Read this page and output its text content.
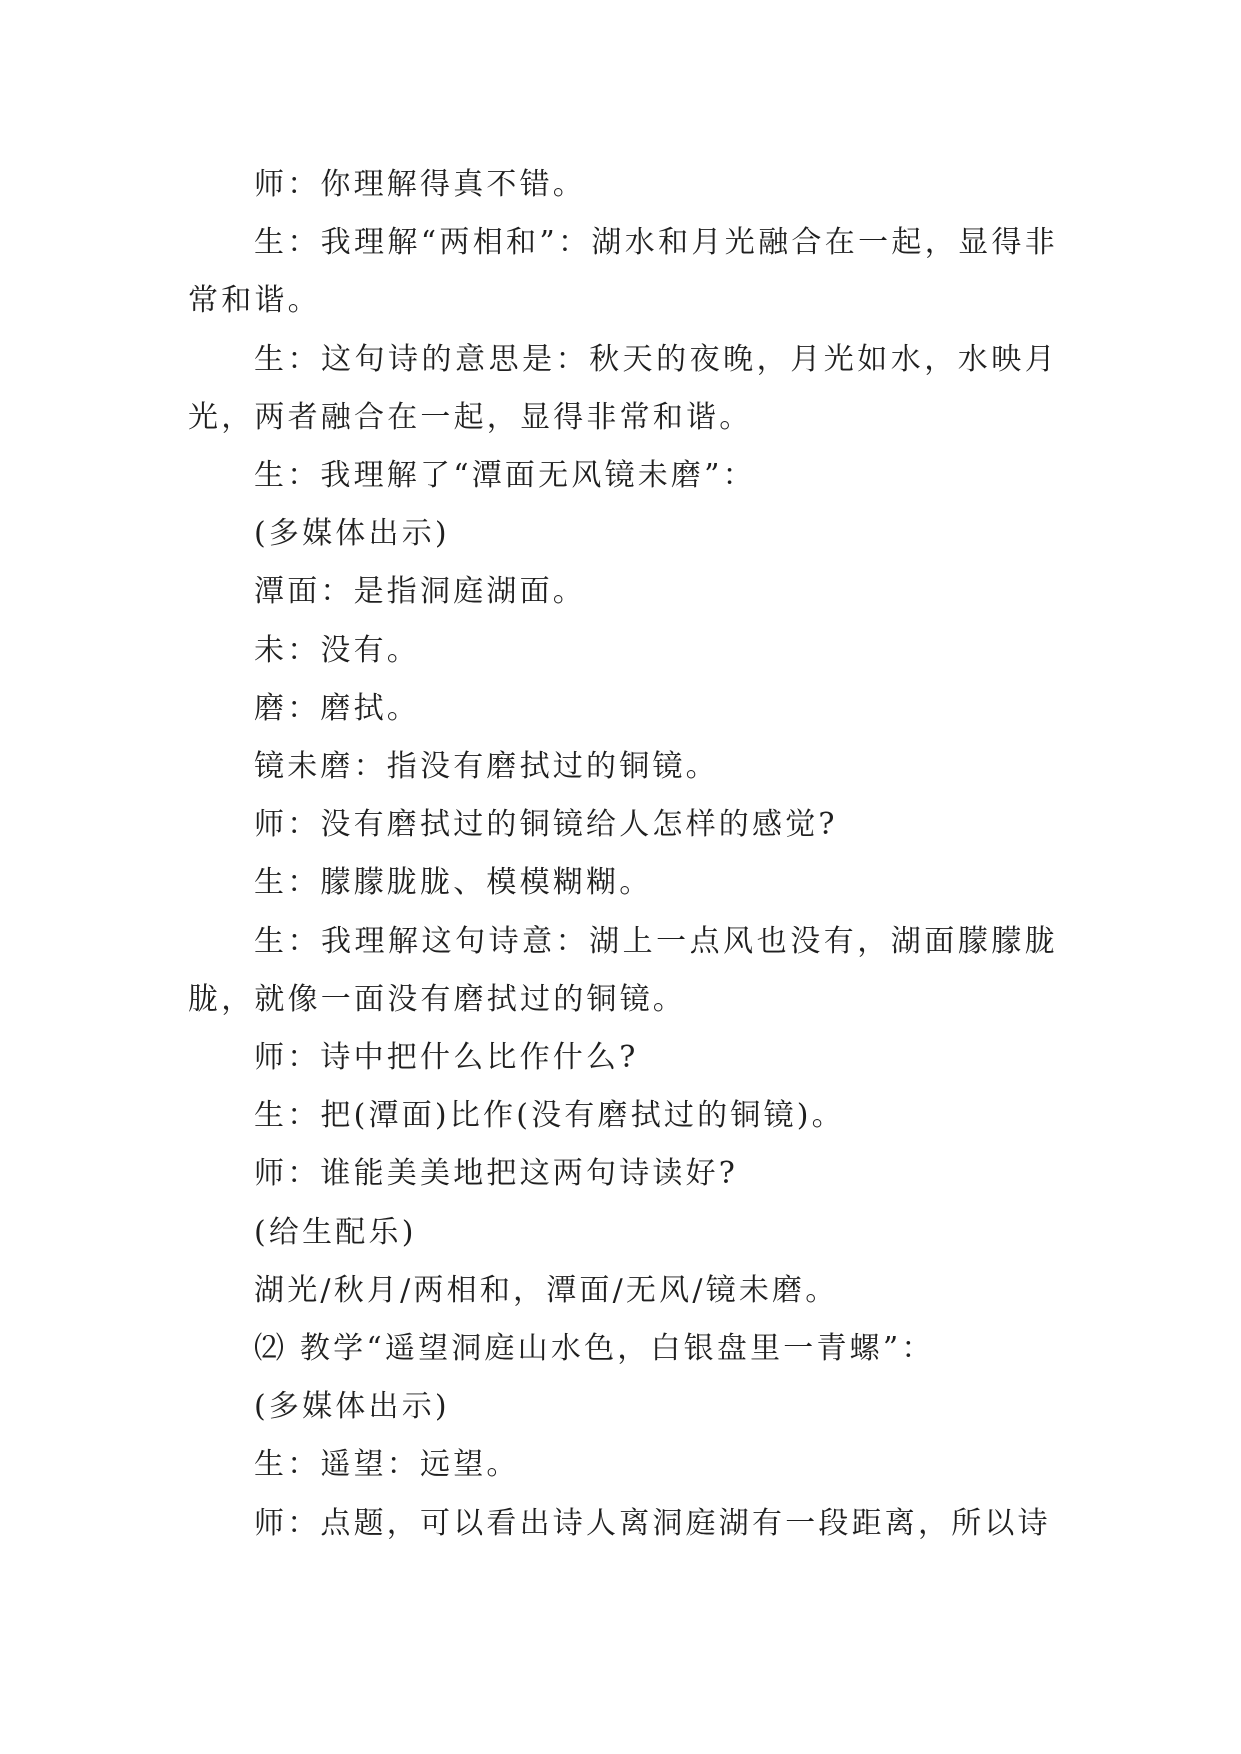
师：你理解得真不错。

生：我理解“两相和”：湖水和月光融合在一起，显得非常和谐。

生：这句诗的意思是：秋天的夜晚，月光如水，水映月光，两者融合在一起，显得非常和谐。

生：我理解了“潭面无风镜未磨”：

(多媒体出示)

潭面：是指洞庭湖面。

未：没有。

磨：磨拭。

镜未磨：指没有磨拭过的铜镜。

师：没有磨拭过的铜镜给人怎样的感觉?

生：朦朦胧胧、模模糊糊。

生：我理解这句诗意：湖上一点风也没有，湖面朦朦胧胧，就像一面没有磨拭过的铜镜。

师：诗中把什么比作什么?

生：把(潭面)比作(没有磨拭过的铜镜)。

师：谁能美美地把这两句诗读好?

(给生配乐)

湖光/秋月/两相和，潭面/无风/镜未磨。

⑵ 教学“遥望洞庭山水色，白银盘里一青螺”：

(多媒体出示)

生：遥望：远望。

师：点题，可以看出诗人离洞庭湖有一段距离，所以诗
